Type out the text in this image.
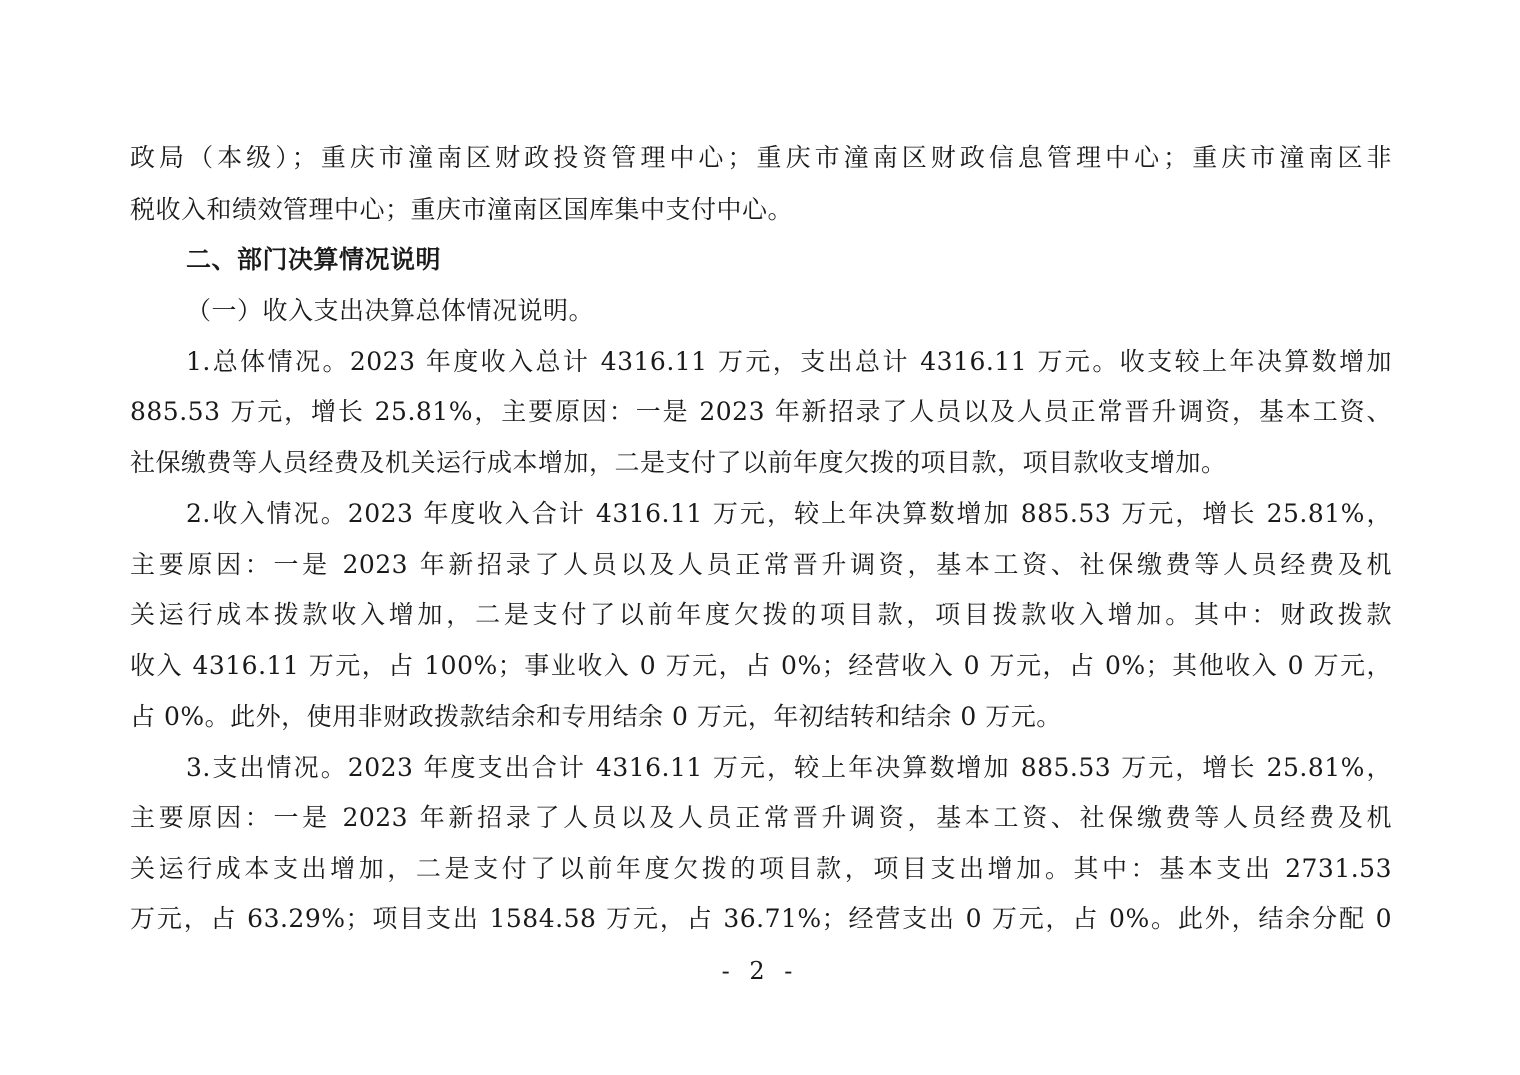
政局（本级）；重庆市潼南区财政投资管理中心；重庆市潼南区财政信息管理中心；重庆市潼南区非
税收入和绩效管理中心；重庆市潼南区国库集中支付中心。
二、部门决算情况说明
（一）收入支出决算总体情况说明。
1.总体情况。2023 年度收入总计 4316.11 万元，支出总计 4316.11 万元。收支较上年决算数增加
885.53 万元，增长 25.81%，主要原因：一是 2023 年新招录了人员以及人员正常晋升调资，基本工资、
社保缴费等人员经费及机关运行成本增加，二是支付了以前年度欠拨的项目款，项目款收支增加。
2.收入情况。2023 年度收入合计 4316.11 万元，较上年决算数增加 885.53 万元，增长 25.81%，
主要原因：一是 2023 年新招录了人员以及人员正常晋升调资，基本工资、社保缴费等人员经费及机
关运行成本拨款收入增加，二是支付了以前年度欠拨的项目款，项目拨款收入增加。其中：财政拨款
收入 4316.11 万元，占 100%；事业收入 0 万元，占 0%；经营收入 0 万元，占 0%；其他收入 0 万元，
占 0%。此外，使用非财政拨款结余和专用结余 0 万元，年初结转和结余 0 万元。
3.支出情况。2023 年度支出合计 4316.11 万元，较上年决算数增加 885.53 万元，增长 25.81%，
主要原因：一是 2023 年新招录了人员以及人员正常晋升调资，基本工资、社保缴费等人员经费及机
关运行成本支出增加，二是支付了以前年度欠拨的项目款，项目支出增加。其中：基本支出 2731.53
万元，占 63.29%；项目支出 1584.58 万元，占 36.71%；经营支出 0 万元，占 0%。此外，结余分配 0
- 2 -
